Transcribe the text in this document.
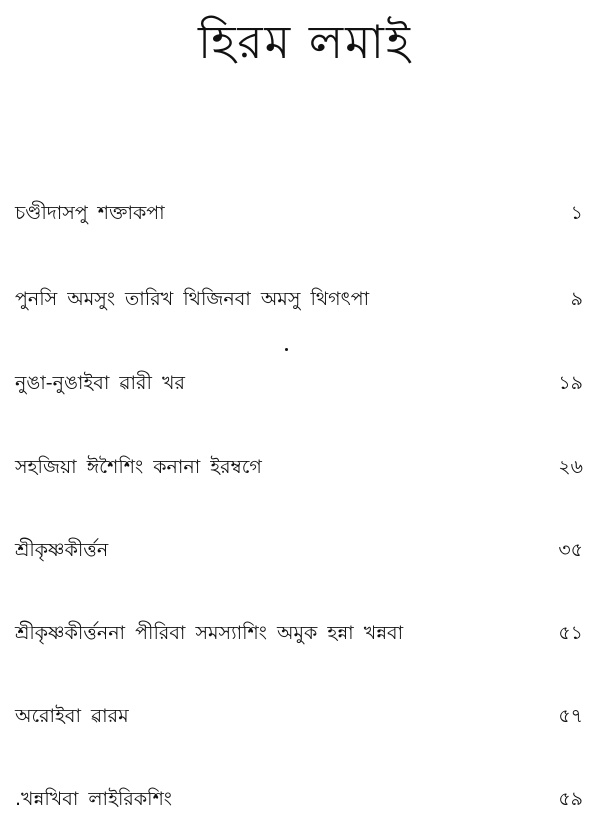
হিরম লমাই
চণ্ডীদাসপু শক্তাকপা	১
পুনসি অমসুং তারিখ থিজিনবা অমসু থিগৎপা	৯
নুঙা-নুঙাইবা ৱারী খর	১৯
সহজিয়া ঈশৈশিং কনানা ইরম্বগে	২৬
শ্রীকৃষ্ণকীর্ত্তন	৩৫
শ্রীকৃষ্ণকীর্ত্তননা পীরিবা সমস্যাশিং অমুক হন্না খন্নবা	৫১
অরোইবা ৱারম	৫৭
.খন্নখিবা লাইরিকশিং	৫৯
